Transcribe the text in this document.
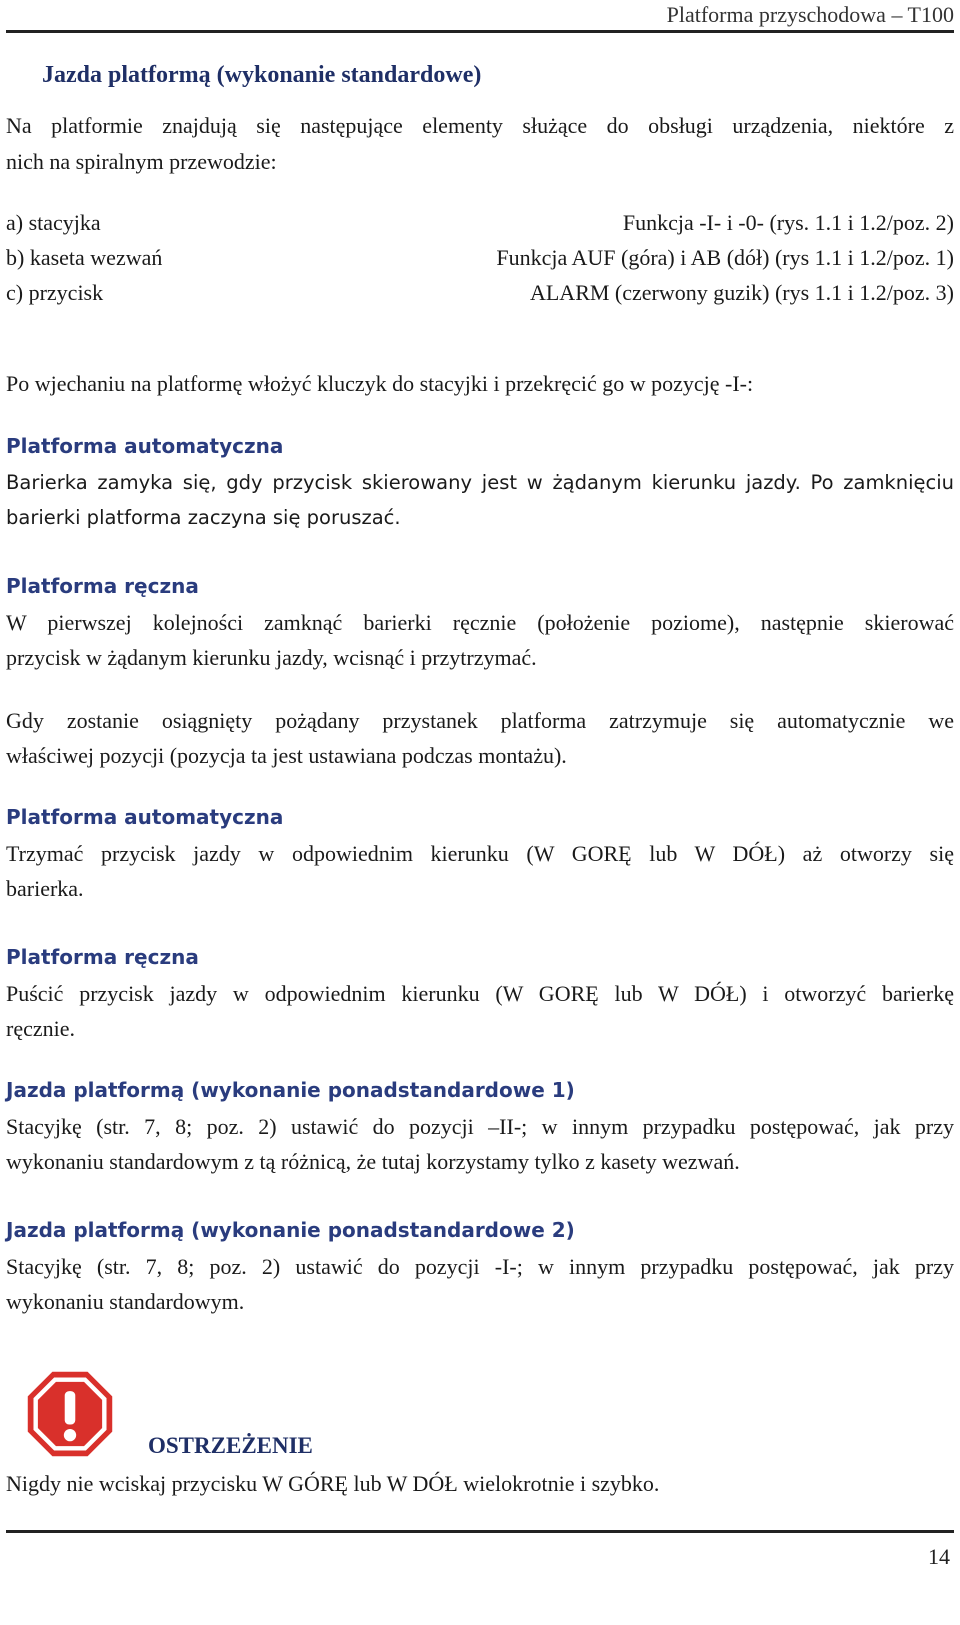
Platforma przyschodowa – T100
Jazda platformą (wykonanie standardowe)
Na platformie znajdują się następujące elementy służące do obsługi urządzenia, niektóre z
nich na spiralnym przewodzie:
a) stacyjka	Funkcja -I- i -0- (rys. 1.1 i 1.2/poz. 2)
b) kaseta wezwań	Funkcja AUF (góra) i AB (dół) (rys 1.1 i 1.2/poz. 1)
c) przycisk	ALARM (czerwony guzik) (rys 1.1 i 1.2/poz. 3)
Po wjechaniu na platformę włożyć kluczyk do stacyjki i przekręcić go w pozycję -I-:
Platforma automatyczna
Barierka zamyka się, gdy przycisk skierowany jest w żądanym kierunku jazdy. Po zamknięciu
barierki platforma zaczyna się poruszać.
Platforma ręczna
W pierwszej kolejności zamknąć barierki ręcznie (położenie poziome), następnie skierować
przycisk w żądanym kierunku jazdy, wcisnąć i przytrzymać.
Gdy zostanie osiągnięty pożądany przystanek platforma zatrzymuje się automatycznie we
właściwej pozycji (pozycja ta jest ustawiana podczas montażu).
Platforma automatyczna
Trzymać przycisk jazdy w odpowiednim kierunku (W GORĘ lub W DÓŁ) aż otworzy się
barierka.
Platforma ręczna
Puścić przycisk jazdy w odpowiednim kierunku (W GORĘ lub W DÓŁ) i otworzyć barierkę
ręcznie.
Jazda platformą (wykonanie ponadstandardowe 1)
Stacyjkę (str. 7, 8; poz. 2) ustawić do pozycji –II-; w innym przypadku postępować, jak przy
wykonaniu standardowym z tą różnicą, że tutaj korzystamy tylko z kasety wezwań.
Jazda platformą (wykonanie ponadstandardowe 2)
Stacyjkę (str. 7, 8; poz. 2) ustawić do pozycji -I-; w innym przypadku postępować, jak przy
wykonaniu standardowym.
OSTRZEŻENIE
Nigdy nie wciskaj przycisku W GÓRĘ lub W DÓŁ wielokrotnie i szybko.
14
